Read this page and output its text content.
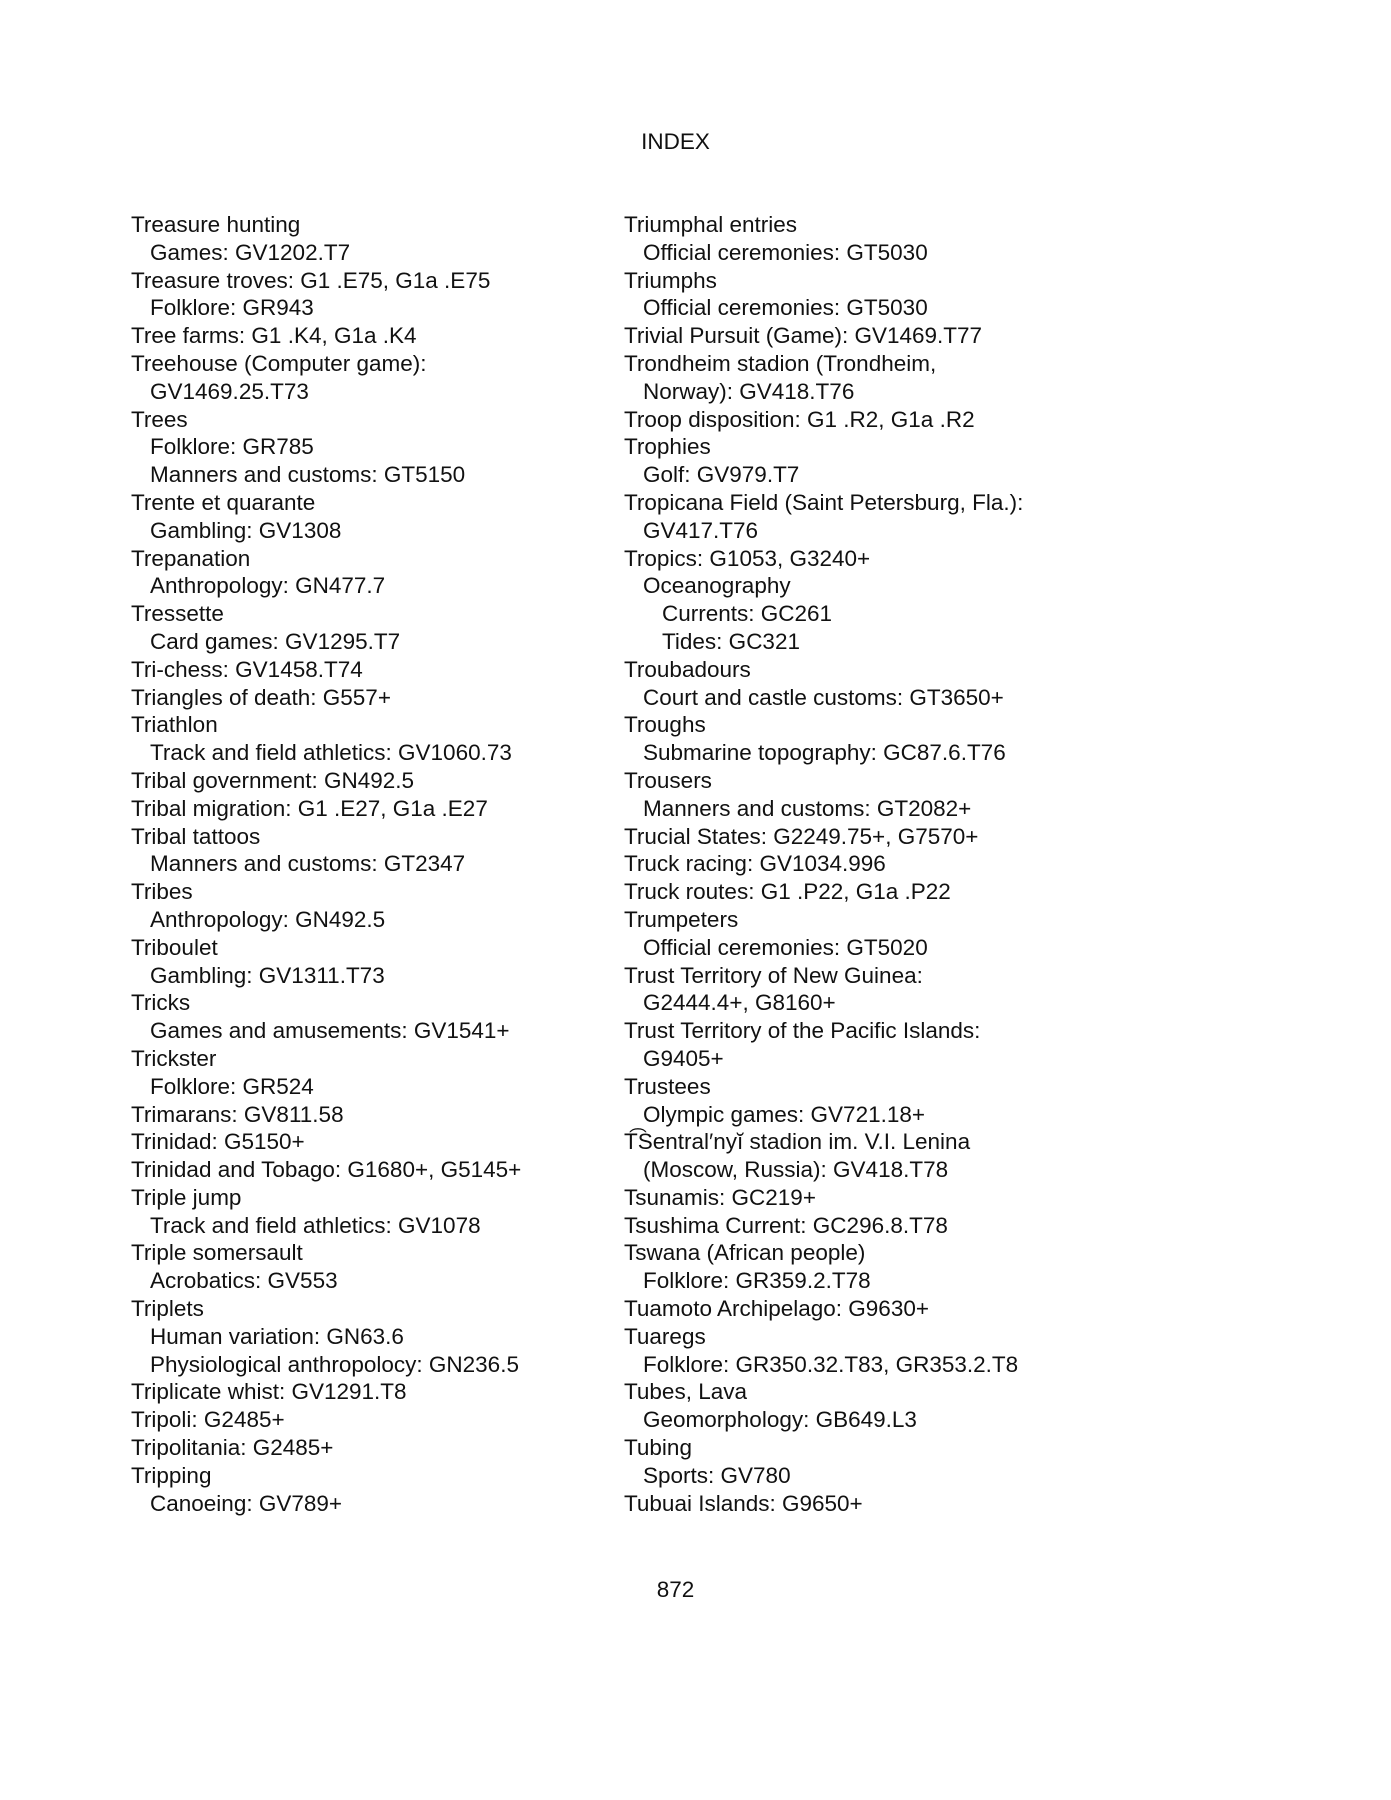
INDEX
Treasure hunting
Games: GV1202.T7
Treasure troves: G1 .E75, G1a .E75
Folklore: GR943
Tree farms: G1 .K4, G1a .K4
Treehouse (Computer game):
GV1469.25.T73
Trees
Folklore: GR785
Manners and customs: GT5150
Trente et quarante
Gambling: GV1308
Trepanation
Anthropology: GN477.7
Tressette
Card games: GV1295.T7
Tri-chess: GV1458.T74
Triangles of death: G557+
Triathlon
Track and field athletics: GV1060.73
Tribal government: GN492.5
Tribal migration: G1 .E27, G1a .E27
Tribal tattoos
Manners and customs: GT2347
Tribes
Anthropology: GN492.5
Triboulet
Gambling: GV1311.T73
Tricks
Games and amusements: GV1541+
Trickster
Folklore: GR524
Trimarans: GV811.58
Trinidad: G5150+
Trinidad and Tobago: G1680+, G5145+
Triple jump
Track and field athletics: GV1078
Triple somersault
Acrobatics: GV553
Triplets
Human variation: GN63.6
Physiological anthropolocy: GN236.5
Triplicate whist: GV1291.T8
Tripoli: G2485+
Tripolitania: G2485+
Tripping
Canoeing: GV789+
Triumphal entries
Official ceremonies: GT5030
Triumphs
Official ceremonies: GT5030
Trivial Pursuit (Game): GV1469.T77
Trondheim stadion (Trondheim,
Norway): GV418.T76
Troop disposition: G1 .R2, G1a .R2
Trophies
Golf: GV979.T7
Tropicana Field (Saint Petersburg, Fla.):
GV417.T76
Tropics: G1053, G3240+
Oceanography
Currents: GC261
Tides: GC321
Troubadours
Court and castle customs: GT3650+
Troughs
Submarine topography: GC87.6.T76
Trousers
Manners and customs: GT2082+
Trucial States: G2249.75+, G7570+
Truck racing: GV1034.996
Truck routes: G1 .P22, G1a .P22
Trumpeters
Official ceremonies: GT5020
Trust Territory of New Guinea:
G2444.4+, G8160+
Trust Territory of the Pacific Islands:
G9405+
Trustees
Olympic games: GV721.18+
T͡Sentral′nyĭ stadion im. V.I. Lenina
(Moscow, Russia): GV418.T78
Tsunamis: GC219+
Tsushima Current: GC296.8.T78
Tswana (African people)
Folklore: GR359.2.T78
Tuamoto Archipelago: G9630+
Tuaregs
Folklore: GR350.32.T83, GR353.2.T8
Tubes, Lava
Geomorphology: GB649.L3
Tubing
Sports: GV780
Tubuai Islands: G9650+
872
